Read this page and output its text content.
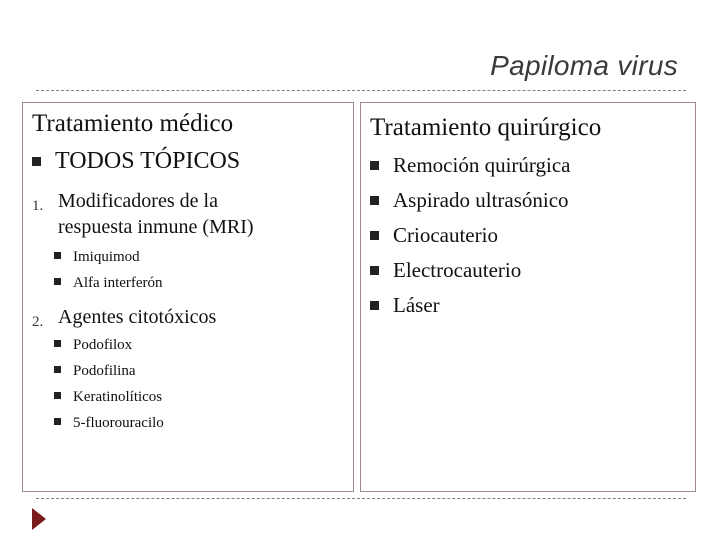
Papiloma virus
Tratamiento médico
TODOS TÓPICOS
1. Modificadores de la
respuesta inmune (MRI)
Imiquimod
Alfa interferón
2. Agentes citotóxicos
Podofilox
Podofilina
Keratinolíticos
5-fluorouracilo
Tratamiento quirúrgico
Remoción quirúrgica
Aspirado ultrasónico
Criocauterio
Electrocauterio
Láser
